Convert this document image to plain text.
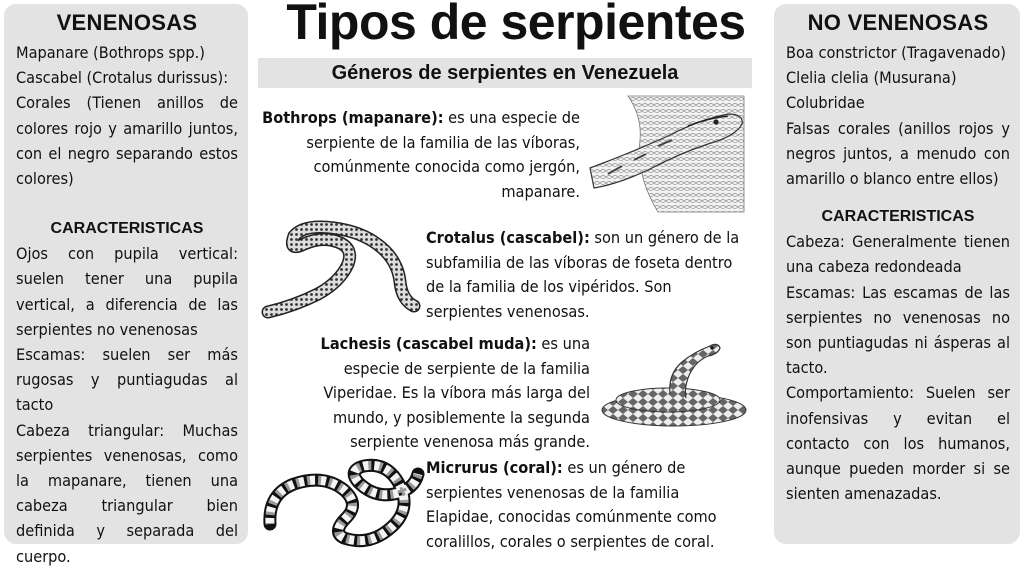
VENENOSAS

Mapanare (Bothrops spp.)

Cascabel (Crotalus durissus):

Corales (Tienen anillos de colores rojo y amarillo juntos, con el negro separando estos colores)

CARACTERISTICAS

Ojos con pupila vertical: suelen tener una pupila vertical, a diferencia de las serpientes no venenosas

Escamas: suelen ser más rugosas y puntiagudas al tacto

Cabeza triangular: Muchas serpientes venenosas, como la mapanare, tienen una cabeza triangular bien definida y separada del cuerpo.

NO VENENOSAS

Boa constrictor (Tragavenado)

Clelia clelia (Musurana)

Colubridae

Falsas corales (anillos rojos y negros juntos, a menudo con amarillo o blanco entre ellos)

CARACTERISTICAS

Cabeza: Generalmente tienen una cabeza redondeada

Escamas: Las escamas de las serpientes no venenosas no son puntiagudas ni ásperas al tacto.

Comportamiento: Suelen ser inofensivas y evitan el contacto con los humanos, aunque pueden morder si se sienten amenazadas.

Tipos de serpientes
Géneros de serpientes en Venezuela
Bothrops (mapanare): es una especie de serpiente de la familia de las víboras, comúnmente conocida como jergón, mapanare.
Crotalus (cascabel): son un género de la subfamilia de las víboras de foseta dentro de la familia de los vipéridos. Son serpientes venenosas.
Lachesis (cascabel muda): es una especie de serpiente de la familia Viperidae. Es la víbora más larga del mundo, y posiblemente la segunda serpiente venenosa más grande.
Micrurus (coral): es un género de serpientes venenosas de la familia Elapidae, conocidas comúnmente como coralillos, corales o serpientes de coral.
